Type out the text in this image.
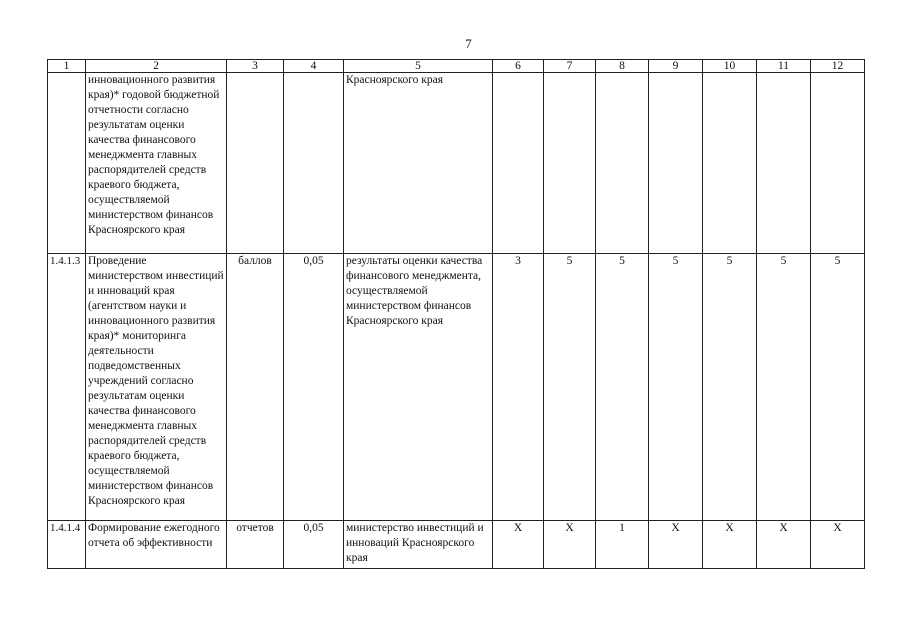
7
1	2	3	4	5	6	7	8	9	10	11	12
	инновационного развития края)* годовой бюджетной отчетности согласно результатам оценки качества финансового менеджмента главных распорядителей средств краевого бюджета, осуществляемой министерством финансов Красноярского края			Красноярского края							
1.4.1.3	Проведение министерством инвестиций и инноваций края (агентством науки и инновационного развития края)* мониторинга деятельности подведомственных учреждений согласно результатам оценки качества финансового менеджмента главных распорядителей средств краевого бюджета, осуществляемой министерством финансов Красноярского края	баллов	0,05	результаты оценки качества финансового менеджмента, осуществляемой министерством финансов Красноярского края	3	5	5	5	5	5	5
1.4.1.4	Формирование ежегодного отчета об эффективности	отчетов	0,05	министерство инвестиций и инноваций Красноярского края	X	X	1	X	X	X	X
